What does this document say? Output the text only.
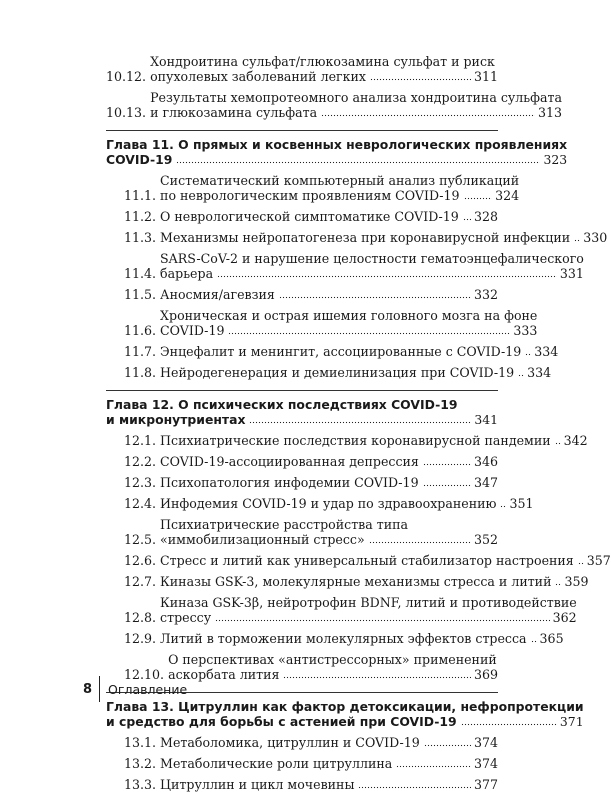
10.12.
Хондроитина сульфат/глюкозамина сульфат и риск
опухолевых заболеваний легких	311
10.13.
Результаты хемопротеомного анализа хондроитина сульфата
и глюкозамина сульфата	313
Глава 11. О прямых и косвенных неврологических проявлениях
COVID-19	323
11.1.
Систематический компьютерный анализ публикаций
по неврологическим проявлениям COVID-19	324
11.2. О неврологической симптоматике COVID-19 328
11.3. Механизмы нейропатогенеза при коронавирусной инфекции 330
11.4.
SARS-CoV-2 и нарушение целостности гематоэнцефалического
барьера	331
11.5. Аносмия/агевзия	332
11.6.
Хроническая и острая ишемия головного мозга на фоне
COVID-19	333
11.7. Энцефалит и менингит, ассоциированные с COVID-19 334
11.8. Нейродегенерация и демиелинизация при COVID-19 334
Глава 12. О психических последствиях COVID-19
и микронутриентах	341
12.1. Психиатрические последствия коронавирусной пандемии 342
12.2. COVID-19-ассоциированная депрессия	346
12.3. Психопатология инфодемии COVID-19	347
12.4. Инфодемия COVID-19 и удар по здравоохранению 351
12.5.
Психиатрические расстройства типа
«иммобилизационный стресс»	352
12.6. Стресс и литий как универсальный стабилизатор настроения 357
12.7. Киназы GSK-3, молекулярные механизмы стресса и литий 359
12.8.
Киназа GSK-3β, нейротрофин BDNF, литий и противодействие
стрессу	362
12.9. Литий в торможении молекулярных эффектов стресса 365
12.10.
О перспективах «антистрессорных» применений
аскорбата лития	369
Глава 13. Цитруллин как фактор детоксикации, нефропротекции
и средство для борьбы с астенией при COVID-19	371
13.1. Метаболомика, цитруллин и COVID-19	374
13.2. Метаболические роли цитруллина	374
13.3. Цитруллин и цикл мочевины	377
8	Оглавление
